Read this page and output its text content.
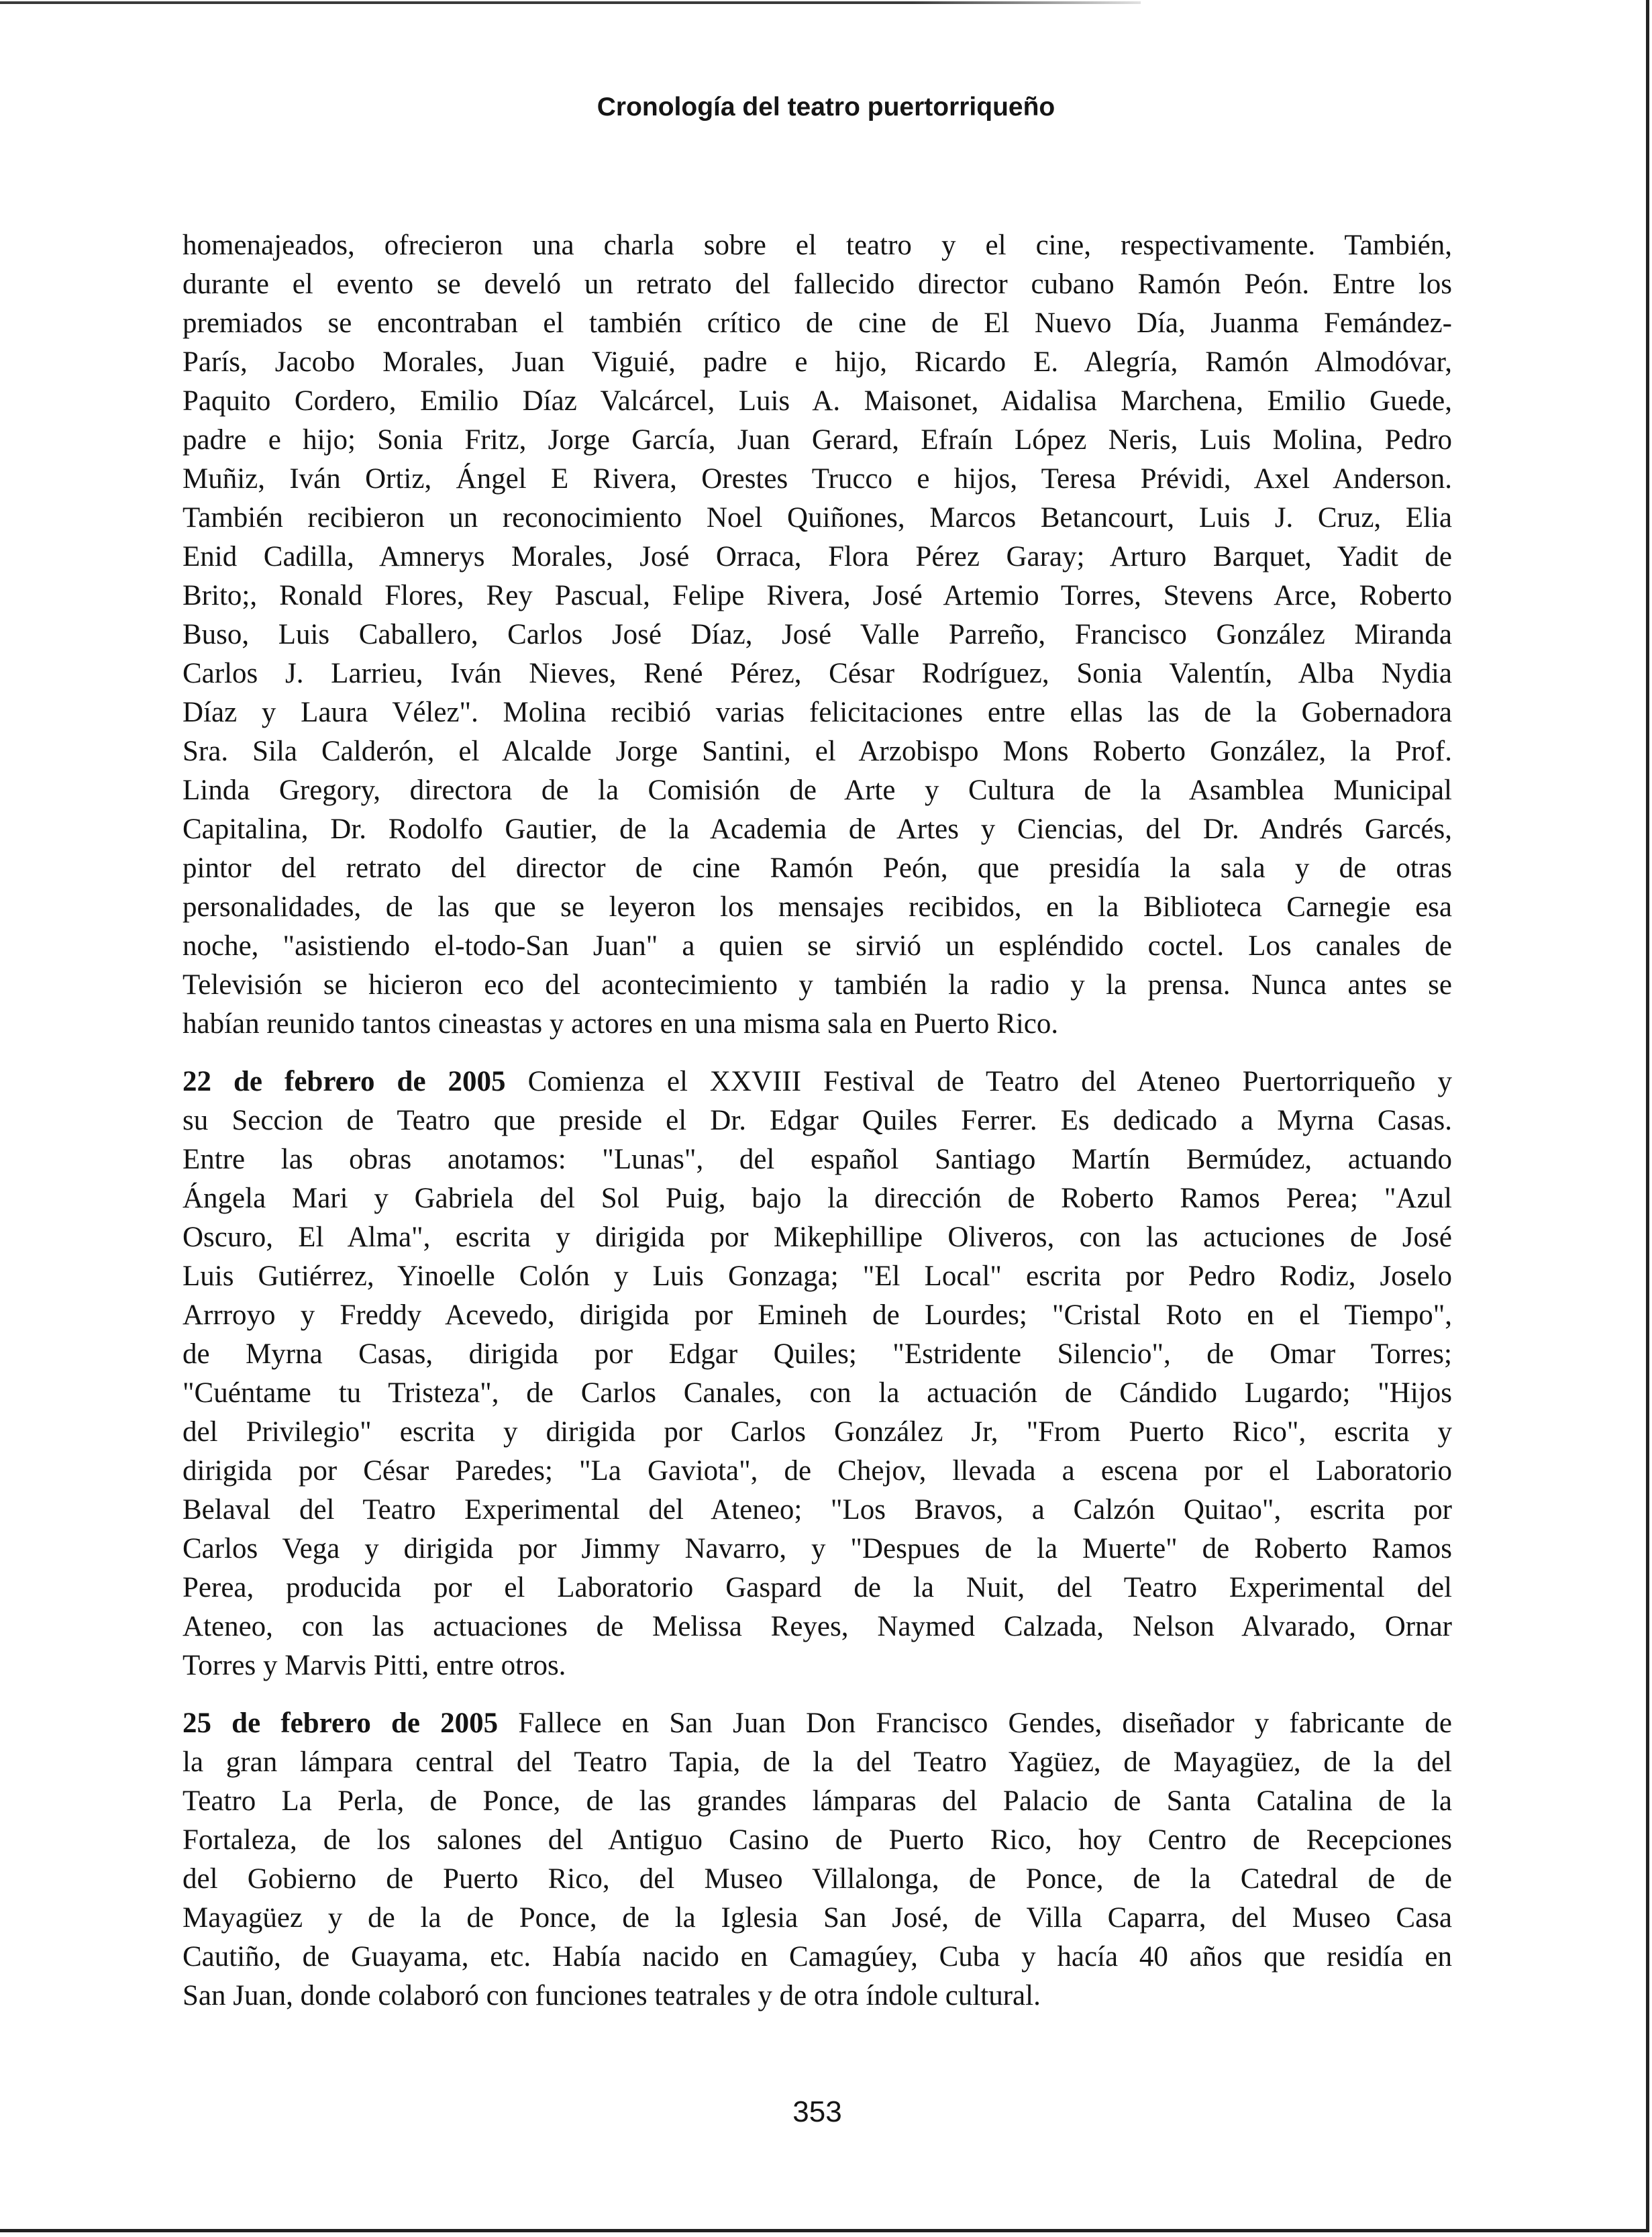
Cronología del teatro puertorriqueño
homenajeados, ofrecieron una charla sobre el teatro y el cine, respectivamente. También,
durante el evento se develó un retrato del fallecido director cubano Ramón Peón. Entre los
premiados se encontraban el también crítico de cine de El Nuevo Día, Juanma Femández-
París, Jacobo Morales, Juan Viguié, padre e hijo, Ricardo E. Alegría, Ramón Almodóvar,
Paquito Cordero, Emilio Díaz Valcárcel, Luis A. Maisonet, Aidalisa Marchena, Emilio Guede,
padre e hijo; Sonia Fritz, Jorge García, Juan Gerard, Efraín López Neris, Luis Molina, Pedro
Muñiz, Iván Ortiz, Ángel E Rivera, Orestes Trucco e hijos, Teresa Prévidi, Axel Anderson.
También recibieron un reconocimiento Noel Quiñones, Marcos Betancourt, Luis J. Cruz, Elia
Enid Cadilla, Amnerys Morales, José Orraca, Flora Pérez Garay; Arturo Barquet, Yadit de
Brito;, Ronald Flores, Rey Pascual, Felipe Rivera, José Artemio Torres, Stevens Arce, Roberto
Buso, Luis Caballero, Carlos José Díaz, José Valle Parreño, Francisco González Miranda
Carlos J. Larrieu, Iván Nieves, René Pérez, César Rodríguez, Sonia Valentín, Alba Nydia
Díaz y Laura Vélez". Molina recibió varias felicitaciones entre ellas las de la Gobernadora
Sra. Sila Calderón, el Alcalde Jorge Santini, el Arzobispo Mons Roberto González, la Prof.
Linda Gregory, directora de la Comisión de Arte y Cultura de la Asamblea Municipal
Capitalina, Dr. Rodolfo Gautier, de la Academia de Artes y Ciencias, del Dr. Andrés Garcés,
pintor del retrato del director de cine Ramón Peón, que presidía la sala y de otras
personalidades, de las que se leyeron los mensajes recibidos, en la Biblioteca Carnegie esa
noche, "asistiendo el-todo-San Juan" a quien se sirvió un espléndido coctel. Los canales de
Televisión se hicieron eco del acontecimiento y también la radio y la prensa. Nunca antes se
habían reunido tantos cineastas y actores en una misma sala en Puerto Rico.
22 de febrero de 2005 Comienza el XXVIII Festival de Teatro del Ateneo Puertorriqueño y
su Seccion de Teatro que preside el Dr. Edgar Quiles Ferrer. Es dedicado a Myrna Casas.
Entre las obras anotamos: "Lunas", del español Santiago Martín Bermúdez, actuando
Ángela Mari y Gabriela del Sol Puig, bajo la dirección de Roberto Ramos Perea; "Azul
Oscuro, El Alma", escrita y dirigida por Mikephillipe Oliveros, con las actuciones de José
Luis Gutiérrez, Yinoelle Colón y Luis Gonzaga; "El Local" escrita por Pedro Rodiz, Joselo
Arrroyo y Freddy Acevedo, dirigida por Emineh de Lourdes; "Cristal Roto en el Tiempo",
de Myrna Casas, dirigida por Edgar Quiles; "Estridente Silencio", de Omar Torres;
"Cuéntame tu Tristeza", de Carlos Canales, con la actuación de Cándido Lugardo; "Hijos
del Privilegio" escrita y dirigida por Carlos González Jr, "From Puerto Rico", escrita y
dirigida por César Paredes; "La Gaviota", de Chejov, llevada a escena por el Laboratorio
Belaval del Teatro Experimental del Ateneo; "Los Bravos, a Calzón Quitao", escrita por
Carlos Vega y dirigida por Jimmy Navarro, y "Despues de la Muerte" de Roberto Ramos
Perea, producida por el Laboratorio Gaspard de la Nuit, del Teatro Experimental del
Ateneo, con las actuaciones de Melissa Reyes, Naymed Calzada, Nelson Alvarado, Ornar
Torres y Marvis Pitti, entre otros.
25 de febrero de 2005 Fallece en San Juan Don Francisco Gendes, diseñador y fabricante de
la gran lámpara central del Teatro Tapia, de la del Teatro Yagüez, de Mayagüez, de la del
Teatro La Perla, de Ponce, de las grandes lámparas del Palacio de Santa Catalina de la
Fortaleza, de los salones del Antiguo Casino de Puerto Rico, hoy Centro de Recepciones
del Gobierno de Puerto Rico, del Museo Villalonga, de Ponce, de la Catedral de de
Mayagüez y de la de Ponce, de la Iglesia San José, de Villa Caparra, del Museo Casa
Cautiño, de Guayama, etc. Había nacido en Camagúey, Cuba y hacía 40 años que residía en
San Juan, donde colaboró con funciones teatrales y de otra índole cultural.
353
